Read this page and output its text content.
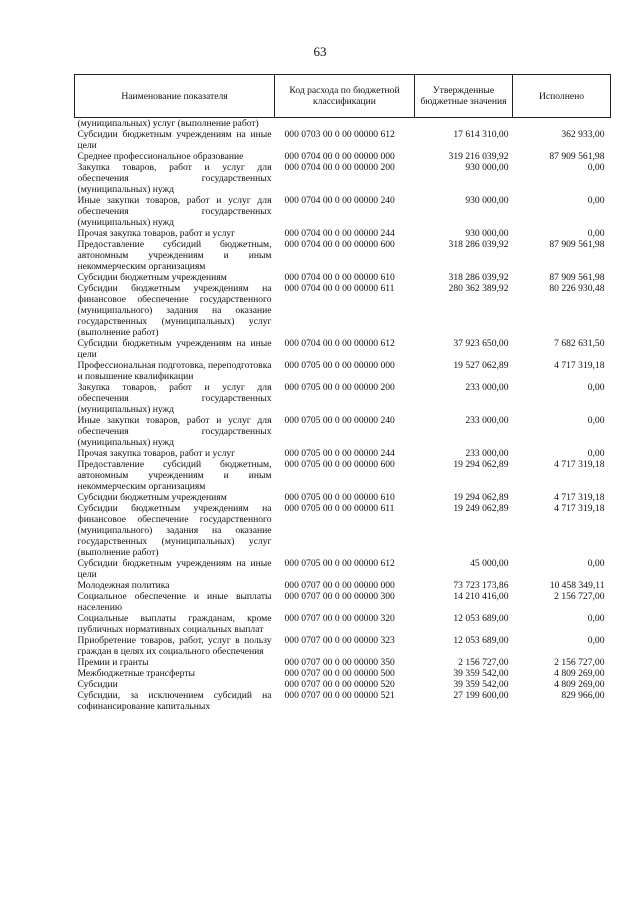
63
Наименование показателя	Код расхода по бюджетной классификации	Утвержденные бюджетные значения	Исполнено
(муниципальных) услуг (выполнение работ)			
Субсидии бюджетным учреждениям на иные цели	000 0703 00 0 00 00000 612	17 614 310,00	362 933,00
Среднее профессиональное образование	000 0704 00 0 00 00000 000	319 216 039,92	87 909 561,98
Закупка товаров, работ и услуг для обеспечения государственных (муниципальных) нужд	000 0704 00 0 00 00000 200	930 000,00	0,00
Иные закупки товаров, работ и услуг для обеспечения государственных (муниципальных) нужд	000 0704 00 0 00 00000 240	930 000,00	0,00
Прочая закупка товаров, работ и услуг	000 0704 00 0 00 00000 244	930 000,00	0,00
Предоставление субсидий бюджетным, автономным учреждениям и иным некоммерческим организациям	000 0704 00 0 00 00000 600	318 286 039,92	87 909 561,98
Субсидии бюджетным учреждениям	000 0704 00 0 00 00000 610	318 286 039,92	87 909 561,98
Субсидии бюджетным учреждениям на финансовое обеспечение государственного (муниципального) задания на оказание государственных (муниципальных) услуг (выполнение работ)	000 0704 00 0 00 00000 611	280 362 389,92	80 226 930,48
Субсидии бюджетным учреждениям на иные цели	000 0704 00 0 00 00000 612	37 923 650,00	7 682 631,50
Профессиональная подготовка, переподготовка и повышение квалификации	000 0705 00 0 00 00000 000	19 527 062,89	4 717 319,18
Закупка товаров, работ и услуг для обеспечения государственных (муниципальных) нужд	000 0705 00 0 00 00000 200	233 000,00	0,00
Иные закупки товаров, работ и услуг для обеспечения государственных (муниципальных) нужд	000 0705 00 0 00 00000 240	233 000,00	0,00
Прочая закупка товаров, работ и услуг	000 0705 00 0 00 00000 244	233 000,00	0,00
Предоставление субсидий бюджетным, автономным учреждениям и иным некоммерческим организациям	000 0705 00 0 00 00000 600	19 294 062,89	4 717 319,18
Субсидии бюджетным учреждениям	000 0705 00 0 00 00000 610	19 294 062,89	4 717 319,18
Субсидии бюджетным учреждениям на финансовое обеспечение государственного (муниципального) задания на оказание государственных (муниципальных) услуг (выполнение работ)	000 0705 00 0 00 00000 611	19 249 062,89	4 717 319,18
Субсидии бюджетным учреждениям на иные цели	000 0705 00 0 00 00000 612	45 000,00	0,00
Молодежная политика	000 0707 00 0 00 00000 000	73 723 173,86	10 458 349,11
Социальное обеспечение и иные выплаты населению	000 0707 00 0 00 00000 300	14 210 416,00	2 156 727,00
Социальные выплаты гражданам, кроме публичных нормативных социальных выплат	000 0707 00 0 00 00000 320	12 053 689,00	0,00
Приобретение товаров, работ, услуг в пользу граждан в целях их социального обеспечения	000 0707 00 0 00 00000 323	12 053 689,00	0,00
Премии и гранты	000 0707 00 0 00 00000 350	2 156 727,00	2 156 727,00
Межбюджетные трансферты	000 0707 00 0 00 00000 500	39 359 542,00	4 809 269,00
Субсидии	000 0707 00 0 00 00000 520	39 359 542,00	4 809 269,00
Субсидии, за исключением субсидий на софинансирование капитальных	000 0707 00 0 00 00000 521	27 199 600,00	829 966,00
